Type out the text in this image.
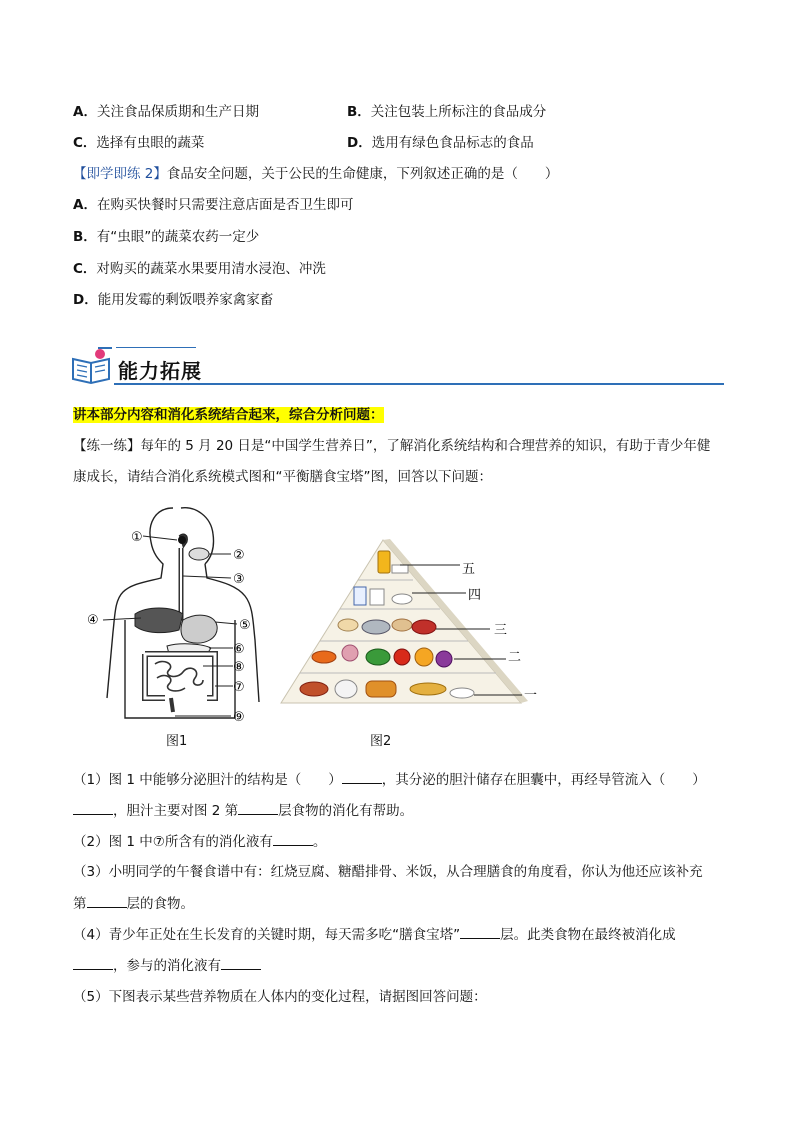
A．关注食品保质期和生产日期	B．关注包装上所标注的食品成分
C．选择有虫眼的蔬菜	D．选用有绿色食品标志的食品
【即学即练 2】食品安全问题，关于公民的生命健康，下列叙述正确的是（　　）
A．在购买快餐时只需要注意店面是否卫生即可
B．有“虫眼”的蔬菜农药一定少
C．对购买的蔬菜水果要用清水浸泡、冲洗
D．能用发霉的剩饭喂养家禽家畜
能力拓展
讲本部分内容和消化系统结合起来，综合分析问题：
【练一练】每年的 5 月 20 日是“中国学生营养日”，了解消化系统结构和合理营养的知识，有助于青少年健
康成长，请结合消化系统模式图和“平衡膳食宝塔”图，回答以下问题：
①
②
③
④	⑤
⑥
⑧
⑦
⑨
图1
五
四
三
二
一
图2
（1）图 1 中能够分泌胆汁的结构是（　　）	，其分泌的胆汁储存在胆囊中，再经导管流入（　　）
，胆汁主要对图 2 第	层食物的消化有帮助。
（2）图 1 中⑦所含有的消化液有	。
（3）小明同学的午餐食谱中有：红烧豆腐、糖醋排骨、米饭，从合理膳食的角度看，你认为他还应该补充
第	层的食物。
（4）青少年正处在生长发育的关键时期，每天需多吃“膳食宝塔”	层。此类食物在最终被消化成
，参与的消化液有
（5）下图表示某些营养物质在人体内的变化过程，请据图回答问题：
